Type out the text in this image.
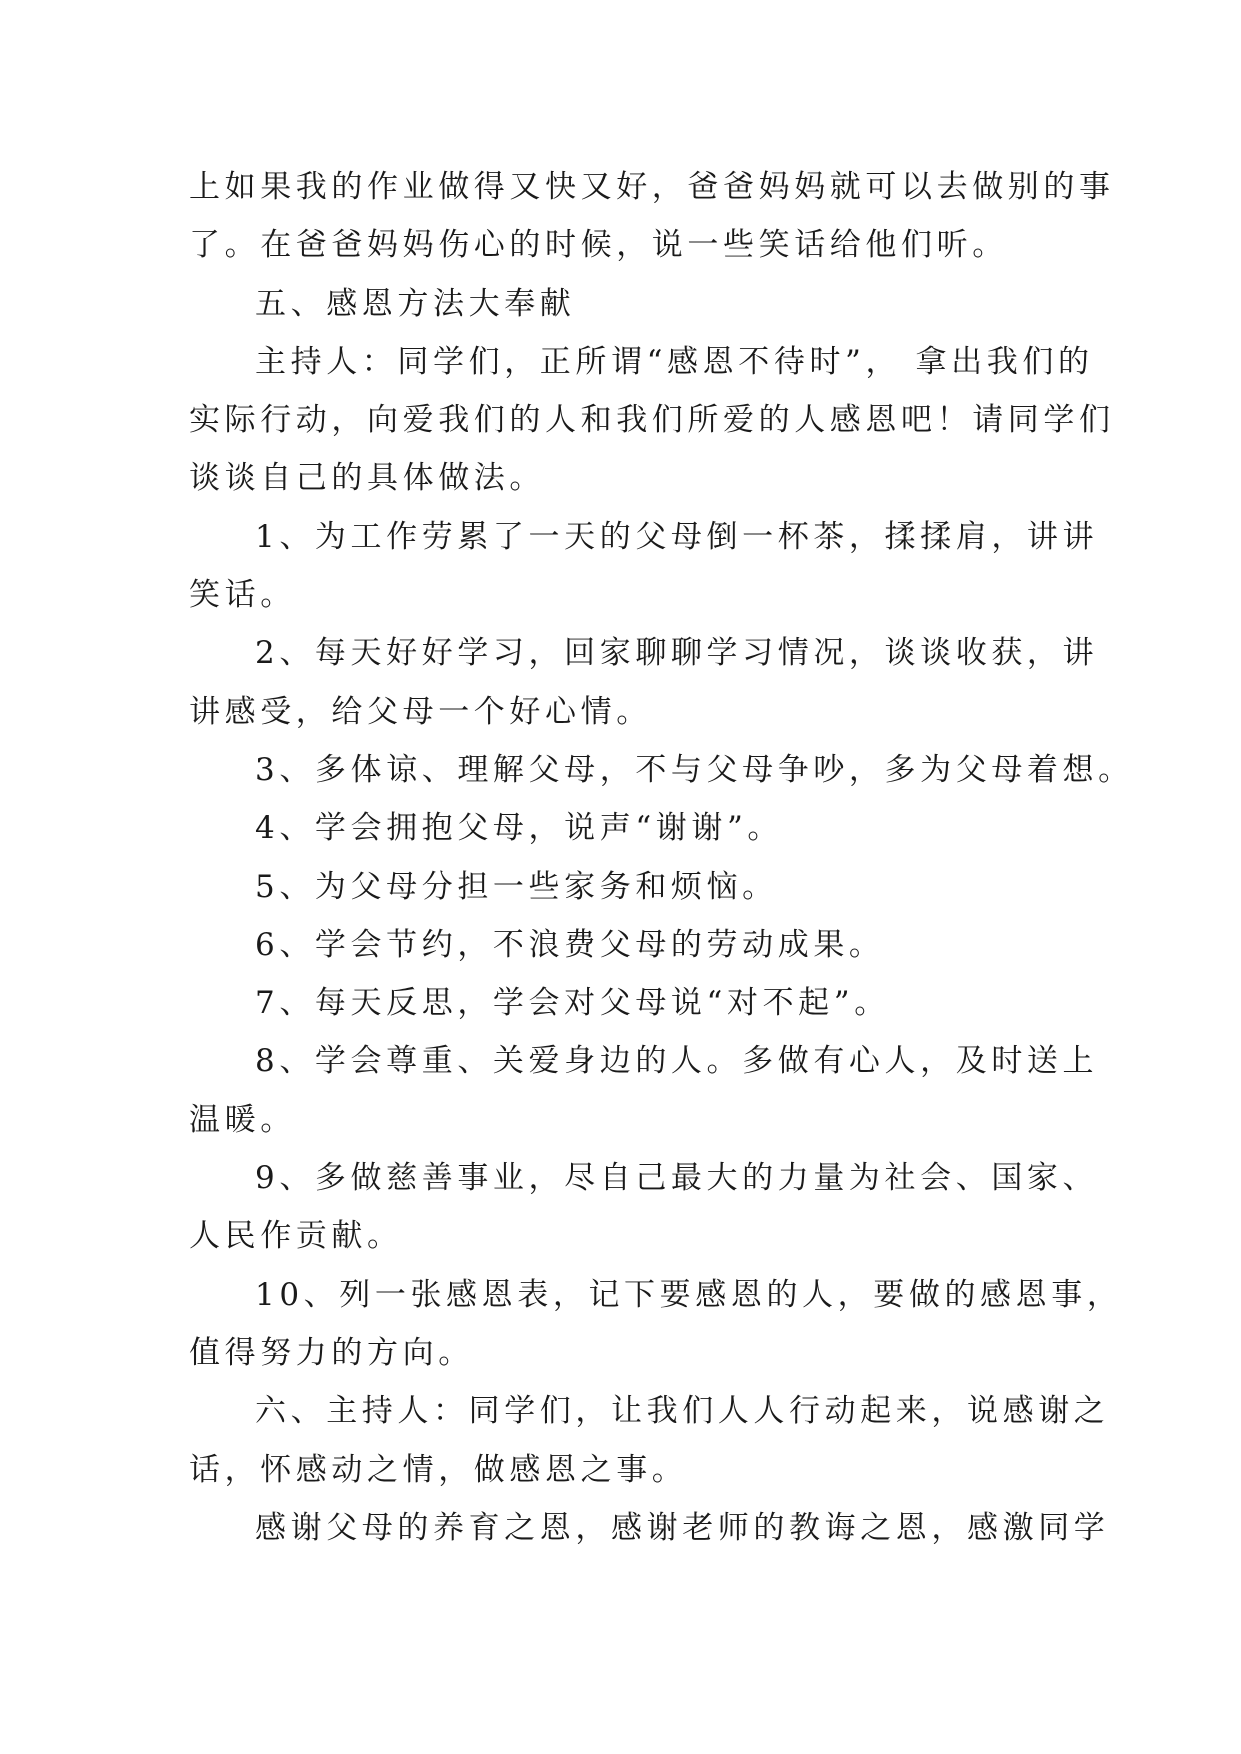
上如果我的作业做得又快又好，爸爸妈妈就可以去做别的事
了。在爸爸妈妈伤心的时候，说一些笑话给他们听。
五、感恩方法大奉献
主持人：同学们，正所谓“感恩不待时”， 拿出我们的
实际行动，向爱我们的人和我们所爱的人感恩吧！请同学们
谈谈自己的具体做法。
1、为工作劳累了一天的父母倒一杯茶，揉揉肩，讲讲
笑话。
2、每天好好学习，回家聊聊学习情况，谈谈收获，讲
讲感受，给父母一个好心情。
3、多体谅、理解父母，不与父母争吵，多为父母着想。
4、学会拥抱父母，说声“谢谢”。
5、为父母分担一些家务和烦恼。
6、学会节约，不浪费父母的劳动成果。
7、每天反思，学会对父母说“对不起”。
8、学会尊重、关爱身边的人。多做有心人，及时送上
温暖。
9、多做慈善事业，尽自己最大的力量为社会、国家、
人民作贡献。
10、列一张感恩表，记下要感恩的人，要做的感恩事，
值得努力的方向。
六、主持人：同学们，让我们人人行动起来，说感谢之
话，怀感动之情，做感恩之事。
感谢父母的养育之恩，感谢老师的教诲之恩，感激同学
